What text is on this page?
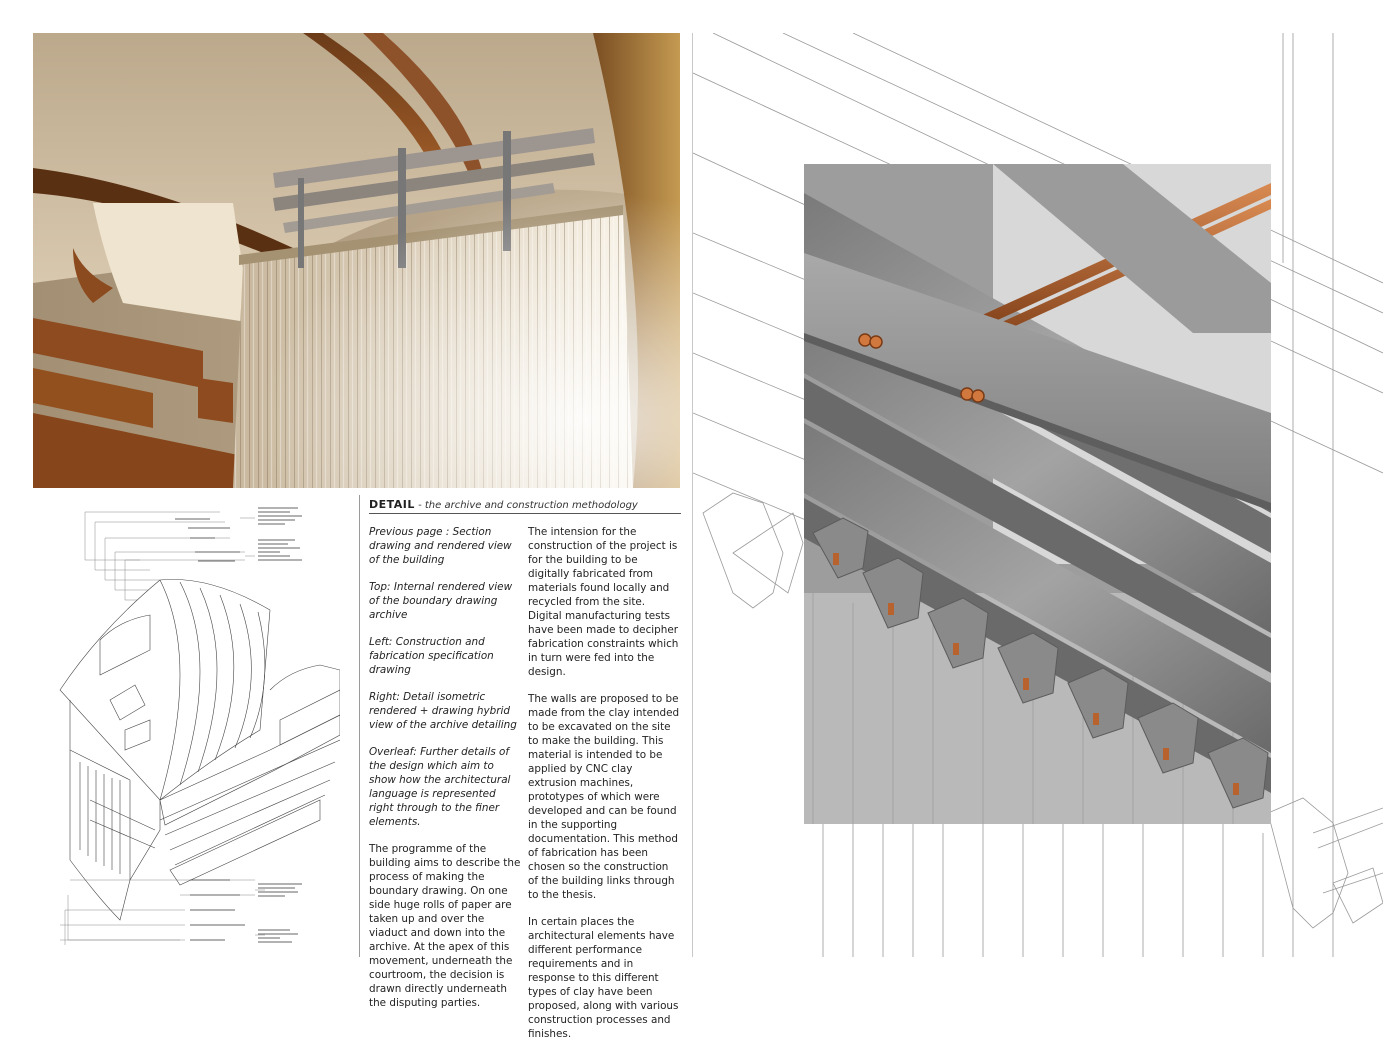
DETAIL - the archive and construction methodology

Previous page : Section drawing and rendered view of the building

Top: Internal rendered view of the boundary drawing archive

Left: Construction and fabrication specification drawing

Right: Detail isometric rendered + drawing hybrid view of the archive detailing

Overleaf: Further details of the design which aim to show how the architectural language is represented right through to the finer elements.

The programme of the building aims to describe the process of making the boundary drawing. On one side huge rolls of paper are taken up and over the viaduct and down into the archive. At the apex of this movement, underneath the courtroom, the decision is drawn directly underneath the disputing parties.

The intension for the construction of the project is for the building to be digitally fabricated from materials found locally and recycled from the site. Digital manufacturing tests have been made to decipher fabrication constraints which in turn were fed into the design.

The walls are proposed to be made from the clay intended to be excavated on the site to make the building. This material is intended to be applied by CNC clay extrusion machines, prototypes of which were developed and can be found in the supporting documentation. This method of fabrication has been chosen so the construction of the building links through to the thesis.

In certain places the architectural elements have different performance requirements and in response to this different types of clay have been proposed, along with various construction processes and finishes.
